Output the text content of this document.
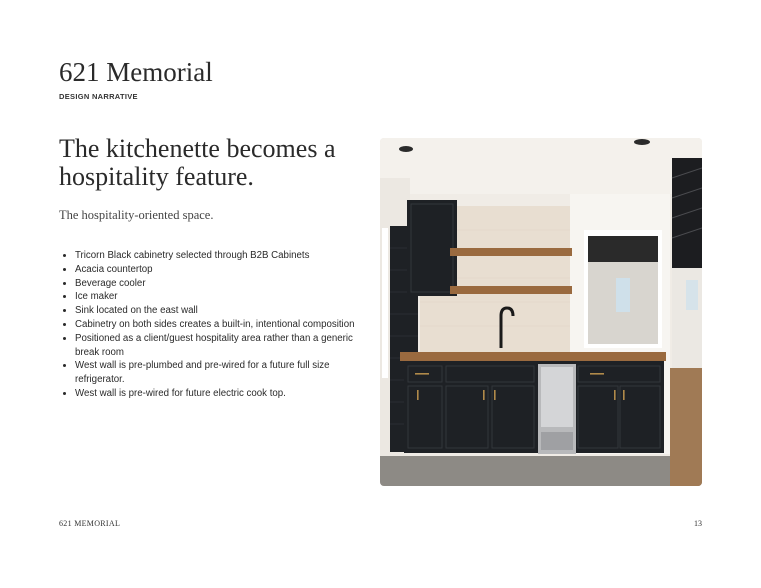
621 Memorial

DESIGN NARRATIVE

The kitchenette becomes a hospitality feature.

The hospitality-oriented space.

• Tricorn Black cabinetry selected through B2B Cabinets
• Acacia countertop
• Beverage cooler
• Ice maker
• Sink located on the east wall
• Cabinetry on both sides creates a built-in, intentional composition
• Positioned as a client/guest hospitality area rather than a generic break room
• West wall is pre-plumbed and pre-wired for a future full size refrigerator.
• West wall is pre-wired for future electric cook top.

621 MEMORIAL	13
